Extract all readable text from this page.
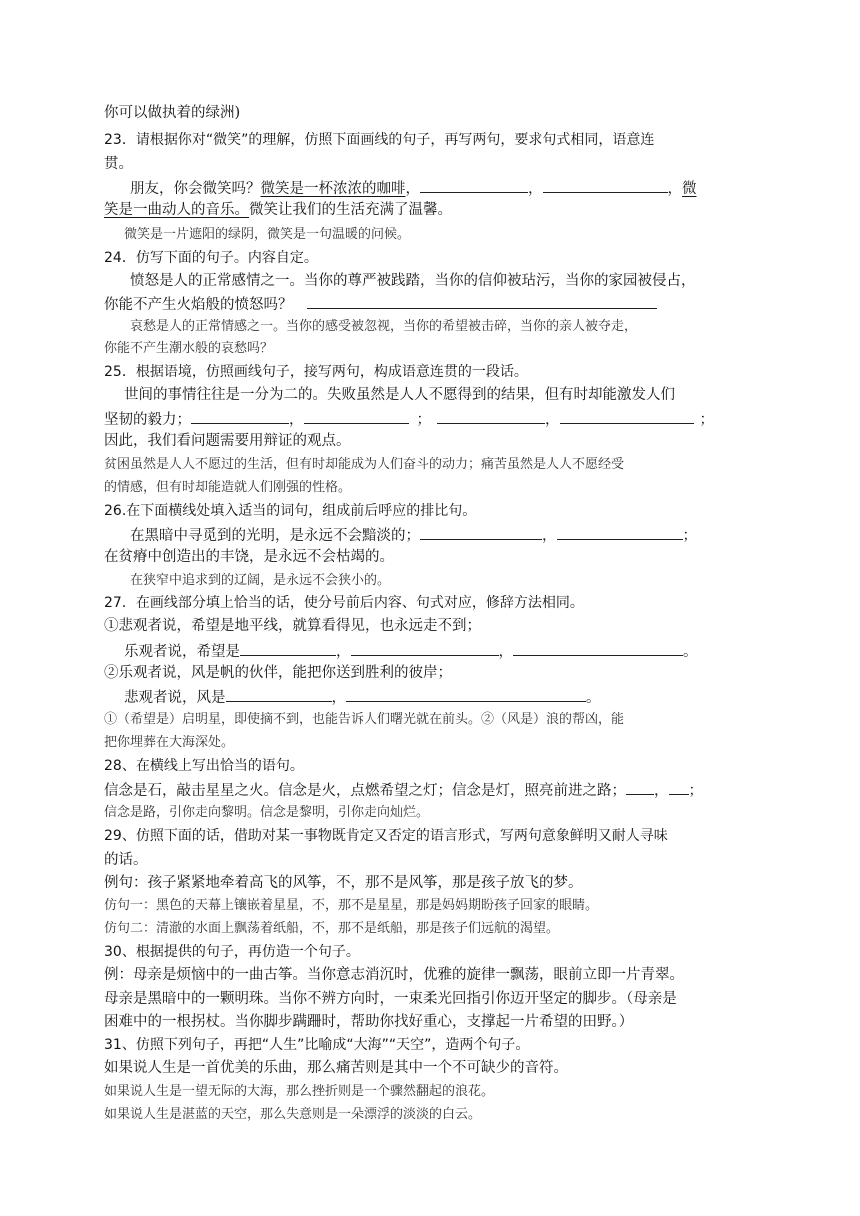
你可以做执着的绿洲)
23．请根据你对“微笑”的理解，仿照下面画线的句子，再写两句，要求句式相同，语意连
贯。
朋友，你会微笑吗？微笑是一杯浓浓的咖啡，	，	，微
笑是一曲动人的音乐。微笑让我们的生活充满了温馨。
微笑是一片遮阳的绿阴，微笑是一句温暖的问候。
24．仿写下面的句子。内容自定。
愤怒是人的正常感情之一。当你的尊严被践踏，当你的信仰被玷污，当你的家园被侵占，
你能不产生火焰般的愤怒吗？
哀愁是人的正常情感之一。当你的感受被忽视，当你的希望被击碎，当你的亲人被夺走，
你能不产生潮水般的哀愁吗？
25．根据语境，仿照画线句子，接写两句，构成语意连贯的一段话。
世间的事情往往是一分为二的。失败虽然是人人不愿得到的结果，但有时却能激发人们
坚韧的毅力；	，	；	，	；
因此，我们看问题需要用辩证的观点。
贫困虽然是人人不愿过的生活，但有时却能成为人们奋斗的动力；痛苦虽然是人人不愿经受
的情感，但有时却能造就人们刚强的性格。
26.在下面横线处填入适当的词句，组成前后呼应的排比句。
在黑暗中寻觅到的光明，是永远不会黯淡的；	，	；
在贫瘠中创造出的丰饶，是永远不会枯竭的。
在狭窄中追求到的辽阔，是永远不会狭小的。
27．在画线部分填上恰当的话，使分号前后内容、句式对应，修辞方法相同。
①悲观者说，希望是地平线，就算看得见，也永远走不到；
乐观者说，希望是	，	，	。
②乐观者说，风是帆的伙伴，能把你送到胜利的彼岸；
悲观者说，风是	，	。
①（希望是）启明星，即使摘不到，也能告诉人们曙光就在前头。②（风是）浪的帮凶，能
把你埋葬在大海深处。
28、在横线上写出恰当的语句。
信念是石，敲击星星之火。信念是火，点燃希望之灯；信念是灯，照亮前进之路； ， ；
信念是路，引你走向黎明。信念是黎明，引你走向灿烂。
29、仿照下面的话，借助对某一事物既肯定又否定的语言形式，写两句意象鲜明又耐人寻味
的话。
例句：孩子紧紧地牵着高飞的风筝，不，那不是风筝，那是孩子放飞的梦。
仿句一：黑色的天幕上镶嵌着星星，不，那不是星星，那是妈妈期盼孩子回家的眼睛。
仿句二：清澈的水面上飘荡着纸船，不，那不是纸船，那是孩子们远航的渴望。
30、根据提供的句子，再仿造一个句子。
例：母亲是烦恼中的一曲古筝。当你意志消沉时，优雅的旋律一飘荡，眼前立即一片青翠。
母亲是黑暗中的一颗明珠。当你不辨方向时，一束柔光回指引你迈开坚定的脚步。（母亲是
困难中的一根拐杖。当你脚步蹒跚时，帮助你找好重心，支撑起一片希望的田野。）
31、仿照下列句子，再把“人生”比喻成“大海”“天空”，造两个句子。
如果说人生是一首优美的乐曲，那么痛苦则是其中一个不可缺少的音符。
如果说人生是一望无际的大海，那么挫折则是一个骤然翻起的浪花。
如果说人生是湛蓝的天空，那么失意则是一朵漂浮的淡淡的白云。
